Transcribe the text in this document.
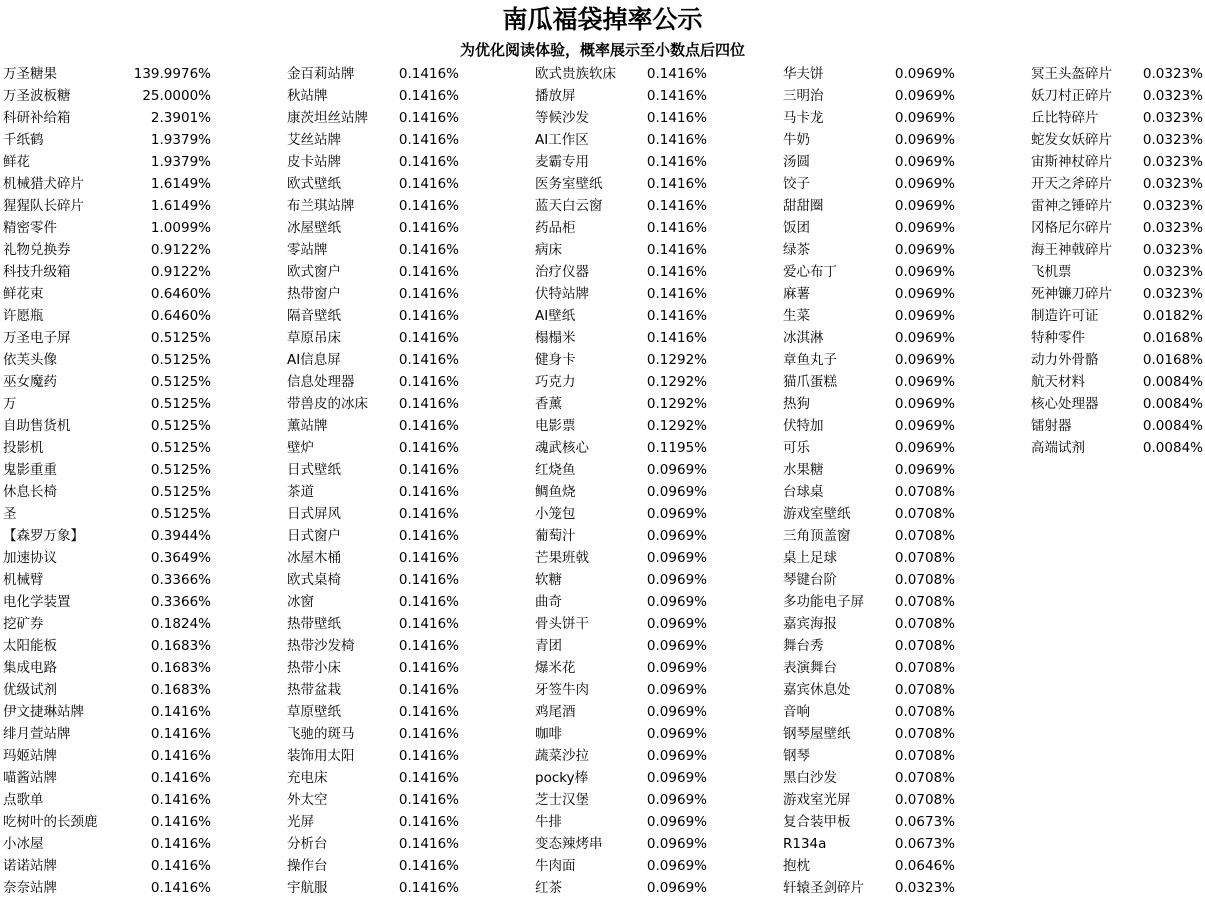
南瓜福袋掉率公示
为优化阅读体验，概率展示至小数点后四位
万圣糖果	139.9976%
万圣波板糖	25.0000%
科研补给箱	2.3901%
千纸鹤	1.9379%
鲜花	1.9379%
机械猎犬碎片	1.6149%
猩猩队长碎片	1.6149%
精密零件	1.0099%
礼物兑换券	0.9122%
科技升级箱	0.9122%
鲜花束	0.6460%
许愿瓶	0.6460%
万圣电子屏	0.5125%
依芙头像	0.5125%
巫女魔药	0.5125%
万	0.5125%
自助售货机	0.5125%
投影机	0.5125%
鬼影重重	0.5125%
休息长椅	0.5125%
圣	0.5125%
【森罗万象】	0.3944%
加速协议	0.3649%
机械臂	0.3366%
电化学装置	0.3366%
挖矿券	0.1824%
太阳能板	0.1683%
集成电路	0.1683%
优级试剂	0.1683%
伊文捷琳站牌	0.1416%
绯月萱站牌	0.1416%
玛姬站牌	0.1416%
喵酱站牌	0.1416%
点歌单	0.1416%
吃树叶的长颈鹿	0.1416%
小冰屋	0.1416%
诺诺站牌	0.1416%
奈奈站牌	0.1416%
金百莉站牌	0.1416%
秋站牌	0.1416%
康茨坦丝站牌 0.1416%
艾丝站牌	0.1416%
皮卡站牌	0.1416%
欧式壁纸	0.1416%
布兰琪站牌	0.1416%
冰屋壁纸	0.1416%
零站牌	0.1416%
欧式窗户	0.1416%
热带窗户	0.1416%
隔音壁纸	0.1416%
草原吊床	0.1416%
AI信息屏	0.1416%
信息处理器	0.1416%
带兽皮的冰床 0.1416%
薰站牌	0.1416%
壁炉	0.1416%
日式壁纸	0.1416%
茶道	0.1416%
日式屏风	0.1416%
日式窗户	0.1416%
冰屋木桶	0.1416%
欧式桌椅	0.1416%
冰窗	0.1416%
热带壁纸	0.1416%
热带沙发椅	0.1416%
热带小床	0.1416%
热带盆栽	0.1416%
草原壁纸	0.1416%
飞驰的斑马	0.1416%
装饰用太阳	0.1416%
充电床	0.1416%
外太空	0.1416%
光屏	0.1416%
分析台	0.1416%
操作台	0.1416%
宇航服	0.1416%
欧式贵族软床 0.1416%
播放屏	0.1416%
等候沙发	0.1416%
AI工作区	0.1416%
麦霸专用	0.1416%
医务室壁纸	0.1416%
蓝天白云窗	0.1416%
药品柜	0.1416%
病床	0.1416%
治疗仪器	0.1416%
伏特站牌	0.1416%
AI壁纸	0.1416%
榻榻米	0.1416%
健身卡	0.1292%
巧克力	0.1292%
香薰	0.1292%
电影票	0.1292%
魂武核心	0.1195%
红烧鱼	0.0969%
鲷鱼烧	0.0969%
小笼包	0.0969%
葡萄汁	0.0969%
芒果班戟	0.0969%
软糖	0.0969%
曲奇	0.0969%
骨头饼干	0.0969%
青团	0.0969%
爆米花	0.0969%
牙签牛肉	0.0969%
鸡尾酒	0.0969%
咖啡	0.0969%
蔬菜沙拉	0.0969%
pocky棒	0.0969%
芝士汉堡	0.0969%
牛排	0.0969%
变态辣烤串	0.0969%
牛肉面	0.0969%
红茶	0.0969%
华夫饼	0.0969%
三明治	0.0969%
马卡龙	0.0969%
牛奶	0.0969%
汤圆	0.0969%
饺子	0.0969%
甜甜圈	0.0969%
饭团	0.0969%
绿茶	0.0969%
爱心布丁	0.0969%
麻薯	0.0969%
生菜	0.0969%
冰淇淋	0.0969%
章鱼丸子	0.0969%
猫爪蛋糕	0.0969%
热狗	0.0969%
伏特加	0.0969%
可乐	0.0969%
水果糖	0.0969%
台球桌	0.0708%
游戏室壁纸	0.0708%
三角顶盖窗	0.0708%
桌上足球	0.0708%
琴键台阶	0.0708%
多功能电子屏 0.0708%
嘉宾海报	0.0708%
舞台秀	0.0708%
表演舞台	0.0708%
嘉宾休息处	0.0708%
音响	0.0708%
钢琴屋壁纸	0.0708%
钢琴	0.0708%
黑白沙发	0.0708%
游戏室光屏	0.0708%
复合装甲板	0.0673%
R134a	0.0673%
抱枕	0.0646%
轩辕圣剑碎片 0.0323%
冥王头盔碎片 0.0323%
妖刀村正碎片 0.0323%
丘比特碎片	0.0323%
蛇发女妖碎片 0.0323%
宙斯神杖碎片 0.0323%
开天之斧碎片 0.0323%
雷神之锤碎片 0.0323%
冈格尼尔碎片 0.0323%
海王神戟碎片 0.0323%
飞机票	0.0323%
死神镰刀碎片 0.0323%
制造许可证	0.0182%
特种零件	0.0168%
动力外骨骼	0.0168%
航天材料	0.0084%
核心处理器	0.0084%
镭射器	0.0084%
高端试剂	0.0084%
